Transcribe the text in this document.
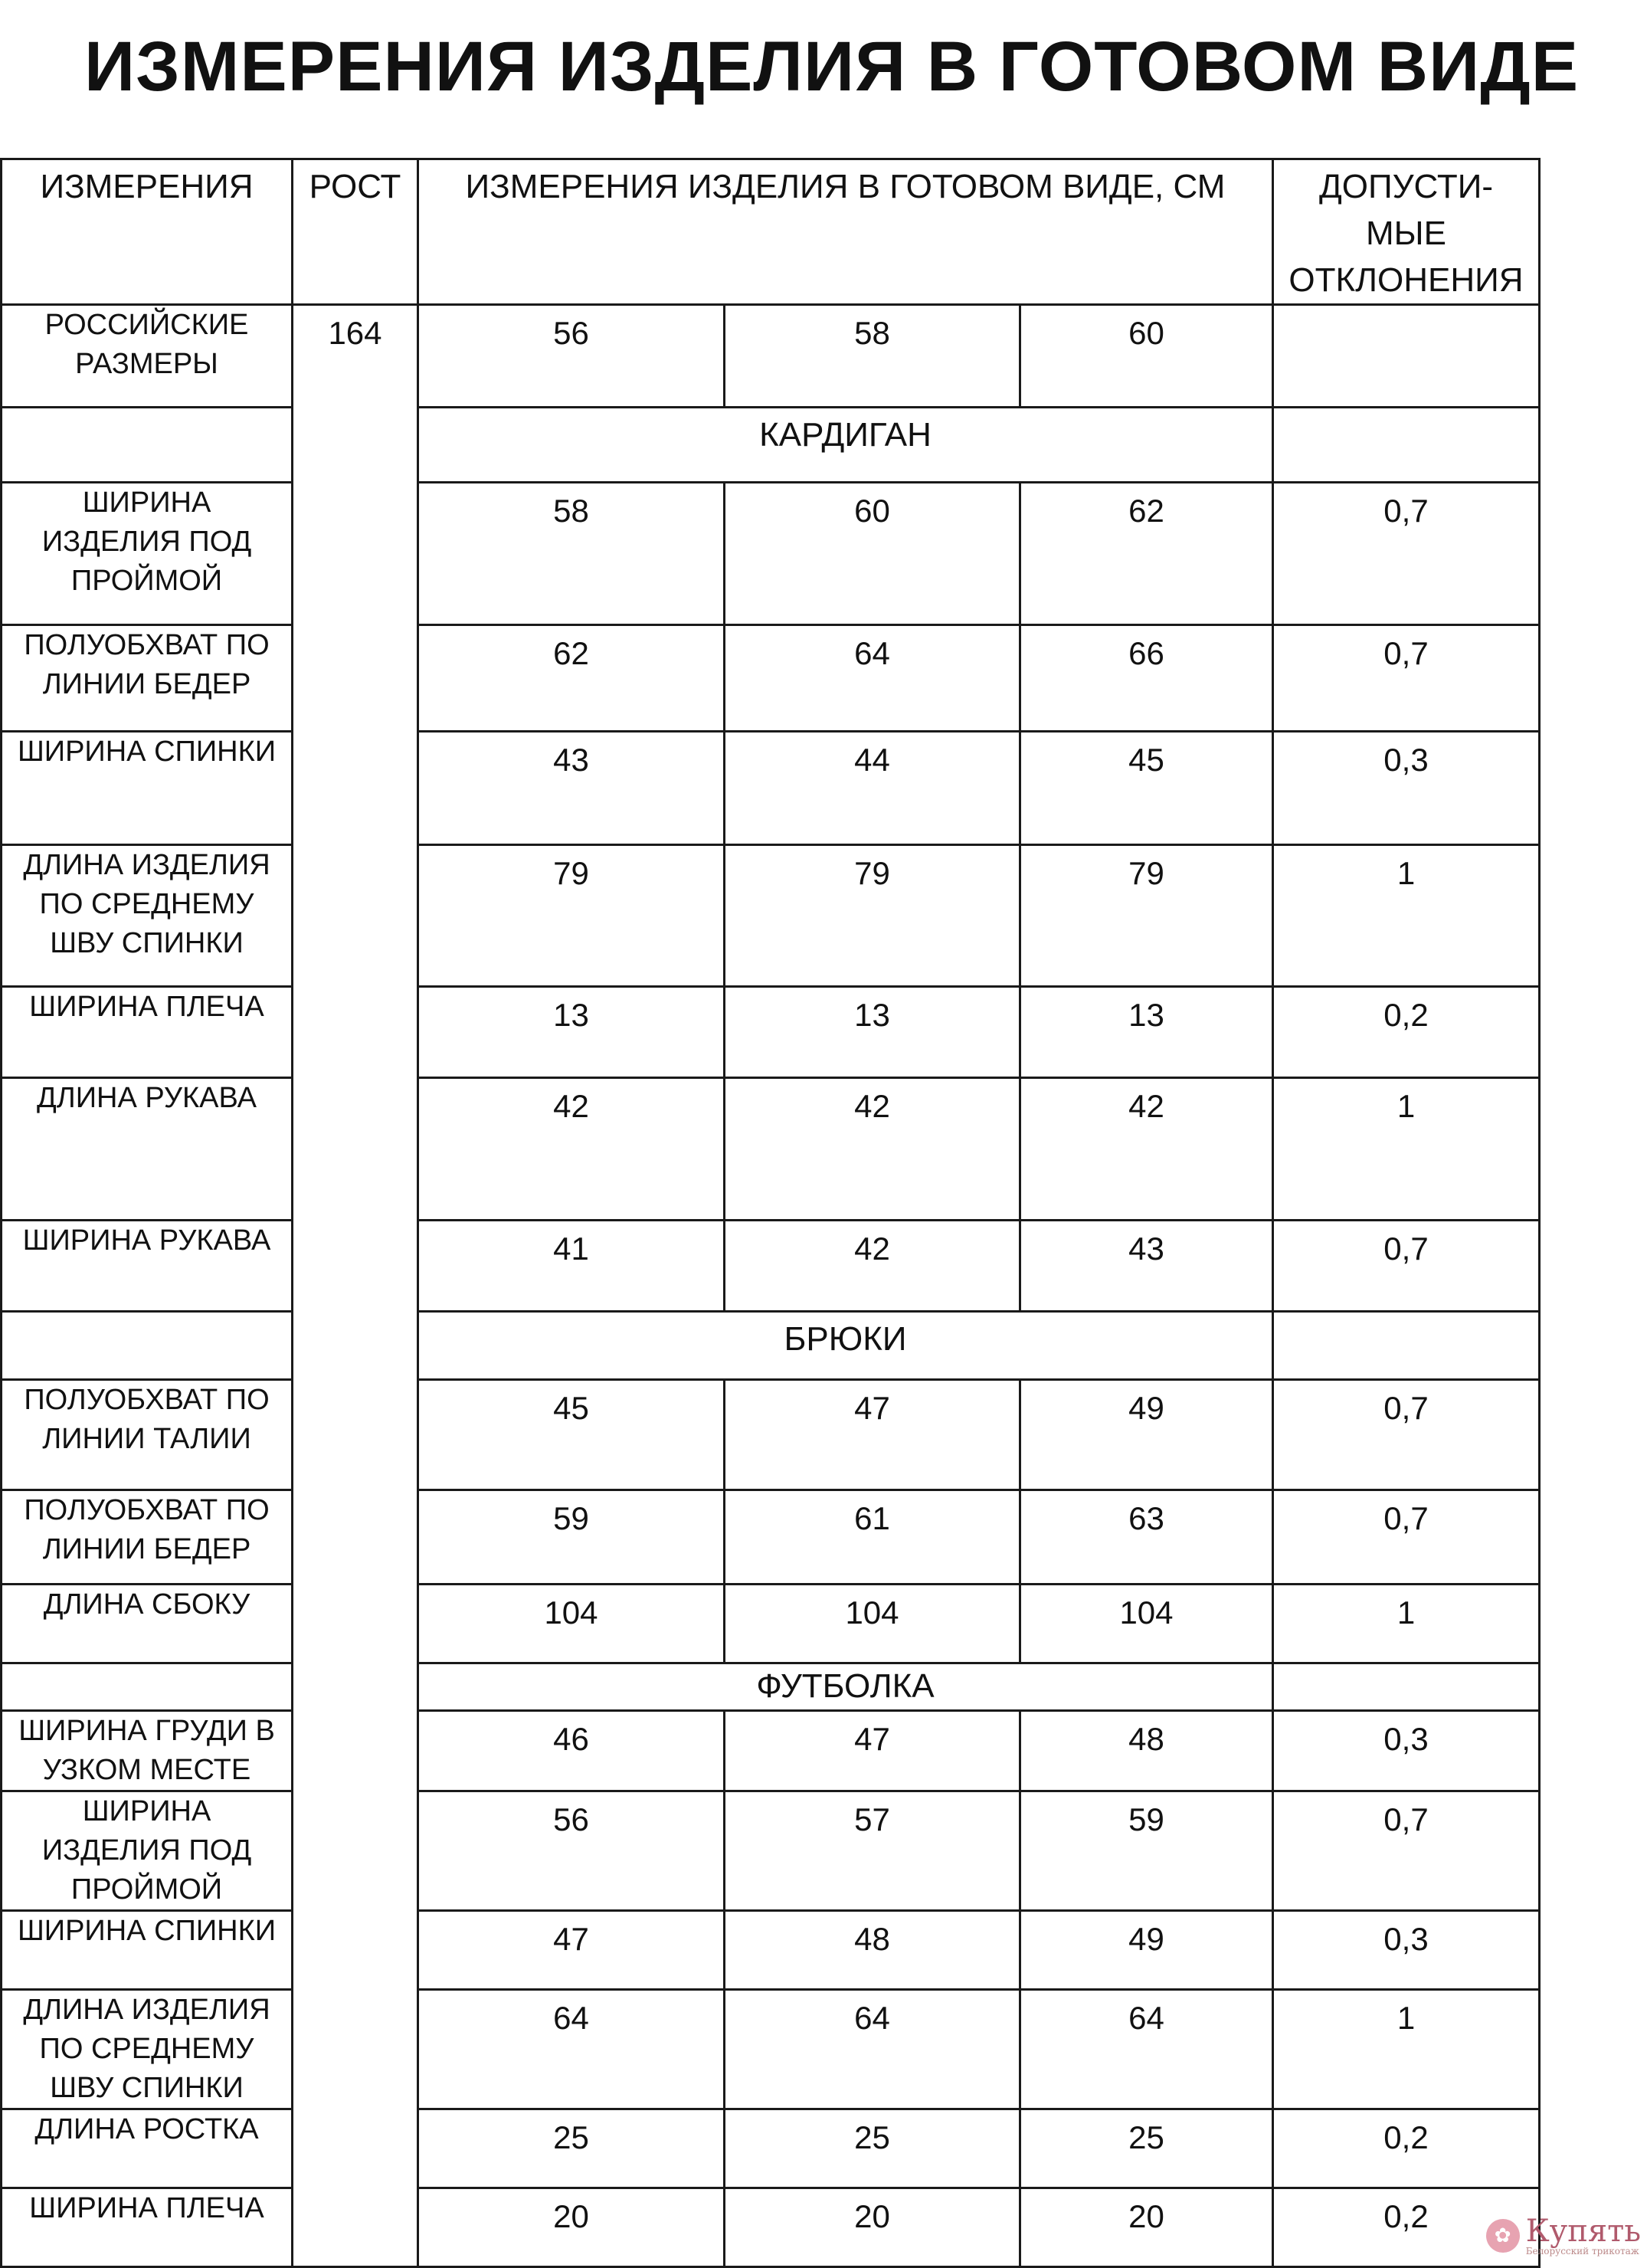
ИЗМЕРЕНИЯ ИЗДЕЛИЯ В ГОТОВОМ ВИДЕ
ИЗМЕРЕНИЯ	РОСТ	ИЗМЕРЕНИЯ ИЗДЕЛИЯ В ГОТОВОМ ВИДЕ, СМ			ДОПУСТИ-
МЫЕ
ОТКЛОНЕНИЯ

РОССИЙСКИЕ
РАЗМЕРЫ	164	56	58	60	
		КАРДИГАН			

ШИРИНА
ИЗДЕЛИЯ ПОД
ПРОЙМОЙ		58	60	62	0,7

ПОЛУОБХВАТ ПО
ЛИНИИ БЕДЕР		62	64	66	0,7

ШИРИНА СПИНКИ		43	44	45	0,3

ДЛИНА ИЗДЕЛИЯ
ПО СРЕДНЕМУ
ШВУ СПИНКИ		79	79	79	1

ШИРИНА ПЛЕЧА		13	13	13	0,2

ДЛИНА РУКАВА		42	42	42	1

ШИРИНА РУКАВА		41	42	43	0,7
		БРЮКИ			

ПОЛУОБХВАТ ПО
ЛИНИИ ТАЛИИ		45	47	49	0,7

ПОЛУОБХВАТ ПО
ЛИНИИ БЕДЕР		59	61	63	0,7

ДЛИНА СБОКУ		104	104	104	1
		ФУТБОЛКА			

ШИРИНА ГРУДИ В
УЗКОМ МЕСТЕ		46	47	48	0,3

ШИРИНА
ИЗДЕЛИЯ ПОД
ПРОЙМОЙ		56	57	59	0,7

ШИРИНА СПИНКИ		47	48	49	0,3

ДЛИНА ИЗДЕЛИЯ
ПО СРЕДНЕМУ
ШВУ СПИНКИ		64	64	64	1

ДЛИНА РОСТКА		25	25	25	0,2

ШИРИНА ПЛЕЧА		20	20	20	0,2
✿ Купять
Белорусский трикотаж
